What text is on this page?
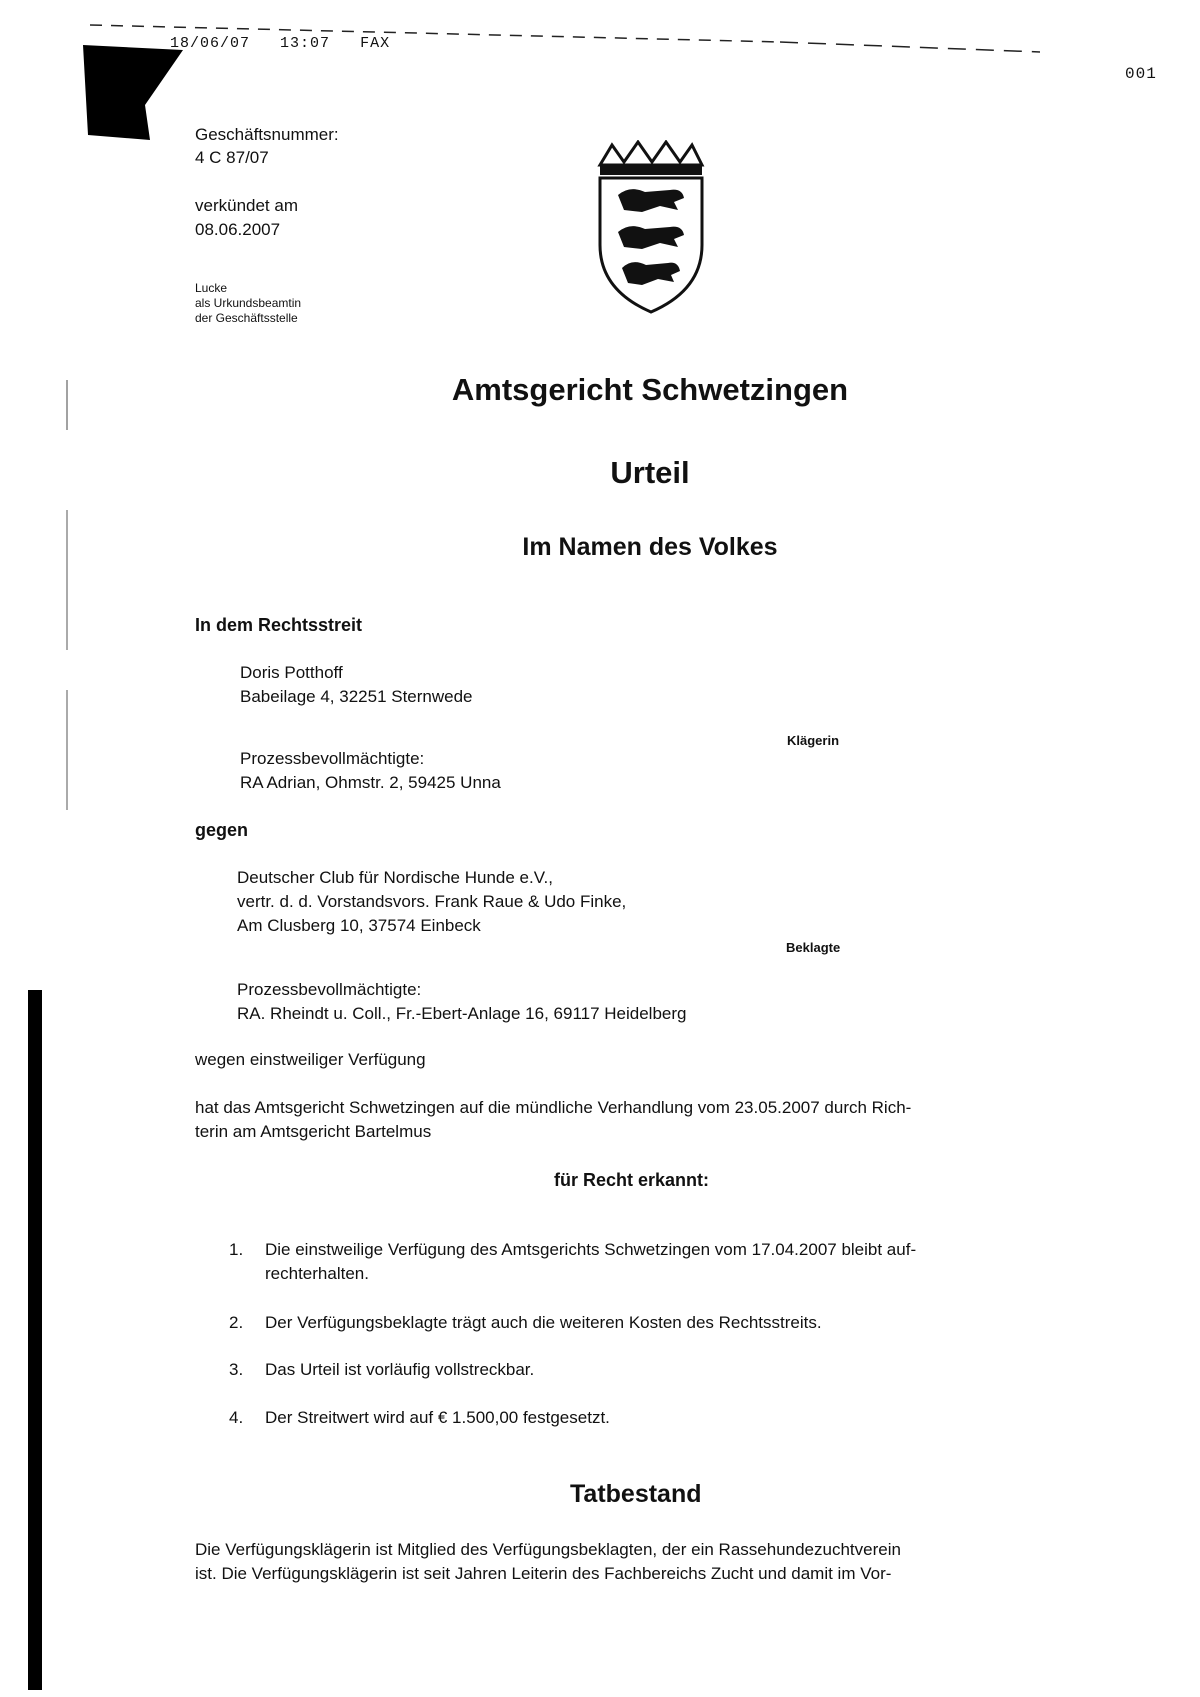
18/06/07 13:07 FAX
001
Geschäftsnummer:
4 C 87/07
verkündet am
08.06.2007
Lucke
als Urkundsbeamtin
der Geschäftsstelle
Amtsgericht Schwetzingen
Urteil
Im Namen des Volkes
In dem Rechtsstreit
Doris Potthoff
Babeilage 4, 32251 Sternwede
Klägerin
Prozessbevollmächtigte:
RA Adrian, Ohmstr. 2, 59425 Unna
gegen
Deutscher Club für Nordische Hunde e.V.,
vertr. d. d. Vorstandsvors. Frank Raue & Udo Finke,
Am Clusberg 10, 37574 Einbeck
Beklagte
Prozessbevollmächtigte:
RA. Rheindt u. Coll., Fr.-Ebert-Anlage 16, 69117 Heidelberg
wegen einstweiliger Verfügung
hat das Amtsgericht Schwetzingen auf die mündliche Verhandlung vom 23.05.2007 durch Rich-
terin am Amtsgericht Bartelmus
für Recht erkannt:
1. Die einstweilige Verfügung des Amtsgerichts Schwetzingen vom 17.04.2007 bleibt auf-
rechterhalten.
2. Der Verfügungsbeklagte trägt auch die weiteren Kosten des Rechtsstreits.
3. Das Urteil ist vorläufig vollstreckbar.
4. Der Streitwert wird auf € 1.500,00 festgesetzt.
Tatbestand
Die Verfügungsklägerin ist Mitglied des Verfügungsbeklagten, der ein Rassehundezuchtverein
ist. Die Verfügungsklägerin ist seit Jahren Leiterin des Fachbereichs Zucht und damit im Vor-
